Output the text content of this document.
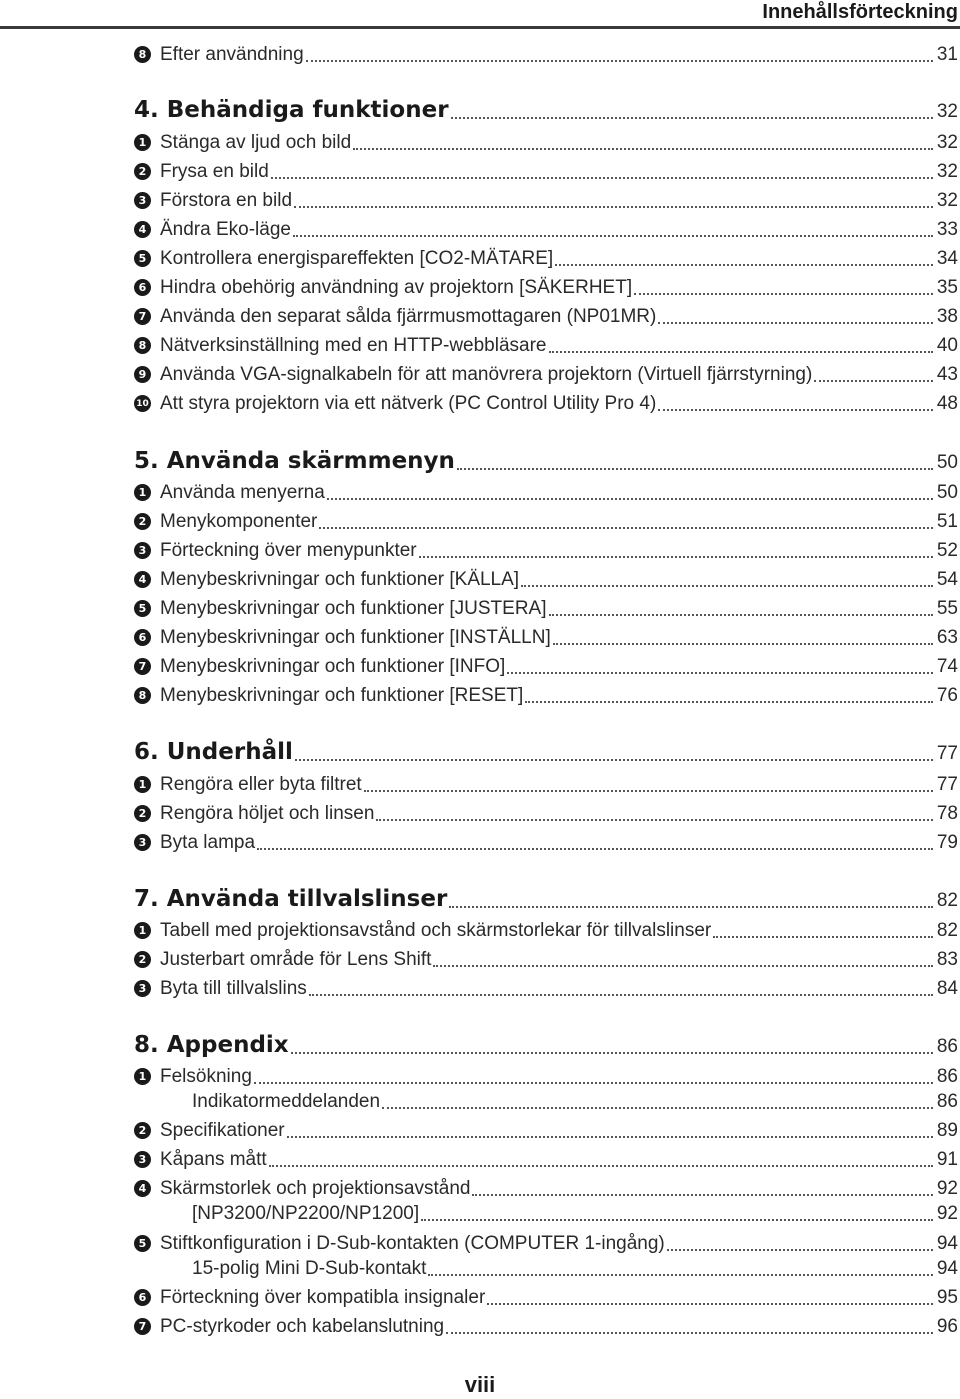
Innehållsförteckning
8 Efter användning	31
4. Behändiga funktioner	32
1 Stänga av ljud och bild	32
2 Frysa en bild	32
3 Förstora en bild	32
4 Ändra Eko-läge	33
5 Kontrollera energispareffekten [CO2-MÄTARE]	34
6 Hindra obehörig användning av projektorn [SÄKERHET]	35
7 Använda den separat sålda fjärrmusmottagaren (NP01MR)	38
8 Nätverksinställning med en HTTP-webbläsare	40
9 Använda VGA-signalkabeln för att manövrera projektorn (Virtuell fjärrstyrning)	43
10 Att styra projektorn via ett nätverk (PC Control Utility Pro 4)	48
5. Använda skärmmenyn	50
1 Använda menyerna	50
2 Menykomponenter	51
3 Förteckning över menypunkter	52
4 Menybeskrivningar och funktioner [KÄLLA]	54
5 Menybeskrivningar och funktioner [JUSTERA]	55
6 Menybeskrivningar och funktioner [INSTÄLLN]	63
7 Menybeskrivningar och funktioner [INFO]	74
8 Menybeskrivningar och funktioner [RESET]	76
6. Underhåll	77
1 Rengöra eller byta filtret	77
2 Rengöra höljet och linsen	78
3 Byta lampa	79
7. Använda tillvalslinser	82
1 Tabell med projektionsavstånd och skärmstorlekar för tillvalslinser	82
2 Justerbart område för Lens Shift	83
3 Byta till tillvalslins	84
8. Appendix	86
1 Felsökning	86
Indikatormeddelanden	86
2 Specifikationer	89
3 Kåpans mått	91
4 Skärmstorlek och projektionsavstånd	92
[NP3200/NP2200/NP1200]	92
5 Stiftkonfiguration i D-Sub-kontakten (COMPUTER 1-ingång)	94
15-polig Mini D-Sub-kontakt	94
6 Förteckning över kompatibla insignaler	95
7 PC-styrkoder och kabelanslutning	96
viii
